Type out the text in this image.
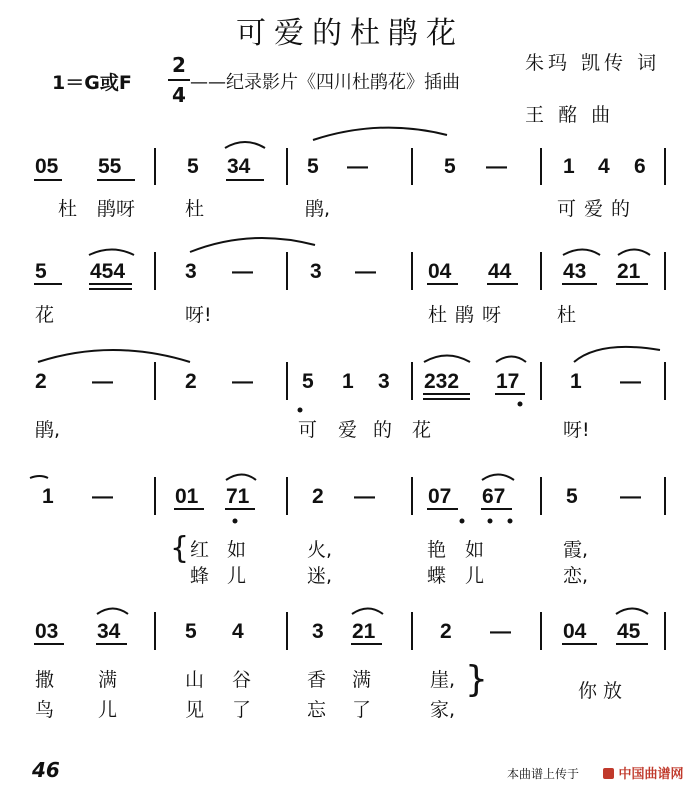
可爱的杜鹃花
1＝G或F
2
4
——纪录影片《四川杜鹃花》插曲
朱玛 凯传 词
王 酩 曲
05 55	5 34	5 —	5 —	1 4 6
杜 鹃呀	杜	鹃,	可爱的
5 454	3 —	3 — 04 44 43 21
花	呀!	杜鹃呀	杜
2 —	2 — 5 1 3 232 17 1 —
鹃,	可 爱 的 花	呀!
1 —	01 71	2 —	07 67	5 —
{ 红 如	火,	艳 如	霞,
蜂 儿	迷,	蝶 儿	恋,
03 34	5 4	3 21	2 — 04 45
撒 满	山 谷	香 满	崖,
鸟 儿	见 了	忘 了	家,
}	你放
46	本曲谱上传于	中国曲谱网
